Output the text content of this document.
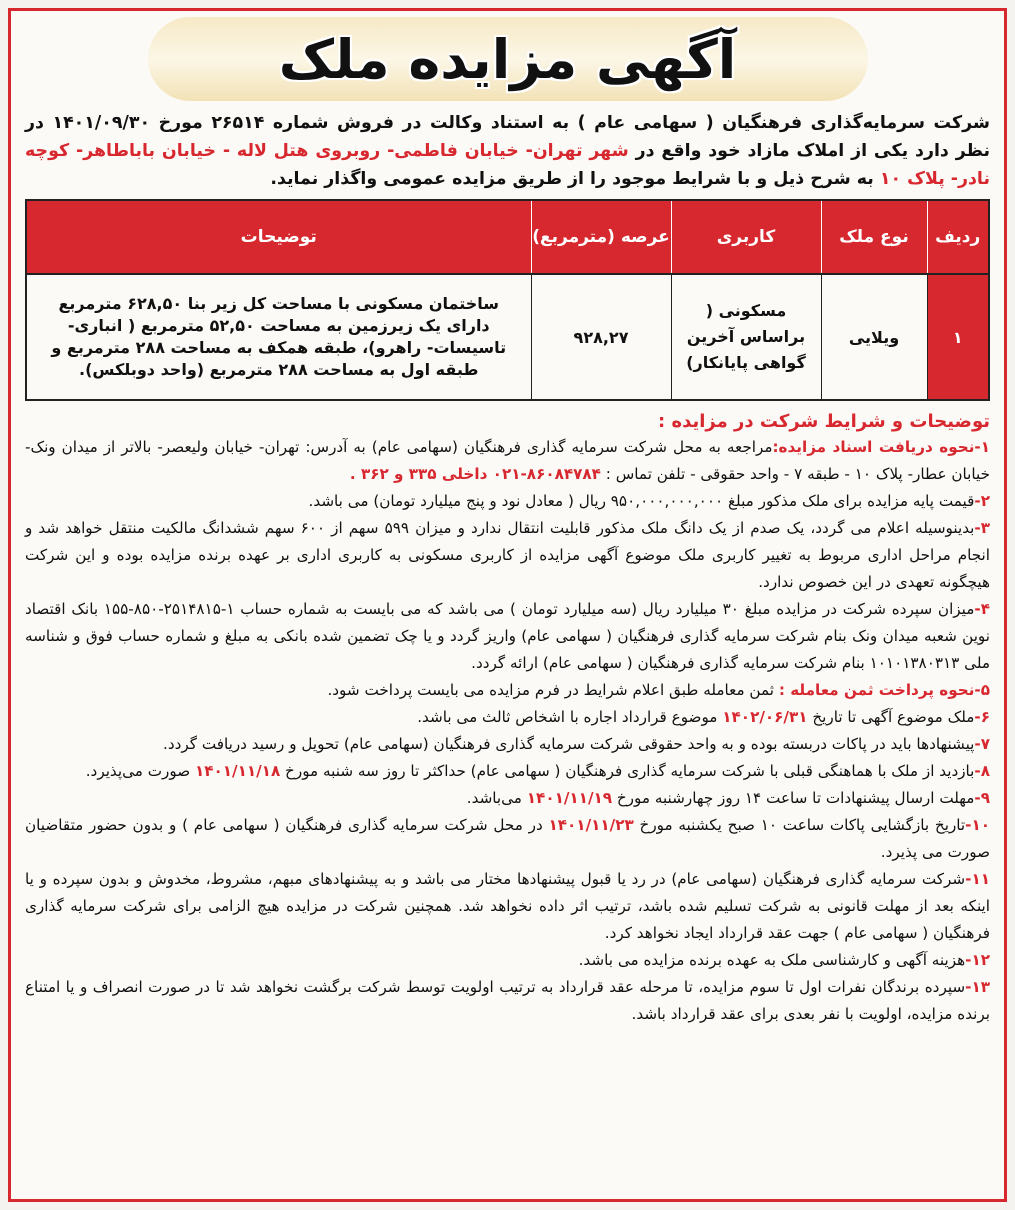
آگهی مزایده ملک

شرکت سرمایه‌گذاری فرهنگیان ( سهامی عام ) به استناد وکالت در فروش شماره ۲۶۵۱۴ مورخ ۱۴۰۱/۰۹/۳۰ در نظر دارد یکی از املاک مازاد خود واقع در شهر تهران- خیابان فاطمی- روبروی هتل لاله - خیابان باباطاهر- کوچه نادر- پلاک ۱۰ به شرح ذیل و با شرایط موجود را از طریق مزایده عمومی واگذار نماید.

ردیف	نوع ملک	کاربری	عرصه (مترمربع)	توضیحات
۱	ویلایی	مسکونی ( براساس آخرین گواهی پایانکار)	۹۲۸,۲۷	ساختمان مسکونی با مساحت کل زیر بنا ۶۲۸,۵۰ مترمربع دارای یک زیرزمین به مساحت ۵۲,۵۰ مترمربع ( انباری- تاسیسات- راهرو)، طبقه همکف به مساحت ۲۸۸ مترمربع و طبقه اول به مساحت ۲۸۸ مترمربع (واحد دوبلکس).
توضیحات و شرایط شرکت در مزایده :
۱-نحوه دریافت اسناد مزایده:مراجعه به محل شرکت سرمایه گذاری فرهنگیان (سهامی عام) به آدرس: تهران- خیابان ولیعصر- بالاتر از میدان ونک- خیابان عطار- پلاک ۱۰ - طبقه ۷ - واحد حقوقی - تلفن تماس : ۸۶۰۸۴۷۸۴-۰۲۱ داخلی ۳۳۵ و ۳۶۲ .
۲-قیمت پایه مزایده برای ملک مذکور مبلغ ۹۵۰,۰۰۰,۰۰۰,۰۰۰ ریال ( معادل نود و پنج میلیارد تومان) می باشد.
۳-بدینوسیله اعلام می گردد، یک صدم از یک دانگ ملک مذکور قابلیت انتقال ندارد و میزان ۵۹۹ سهم از ۶۰۰ سهم ششدانگ مالکیت منتقل خواهد شد و انجام مراحل اداری مربوط به تغییر کاربری ملک موضوع آگهی مزایده از کاربری مسکونی به کاربری اداری بر عهده برنده مزایده بوده و این شرکت هیچگونه تعهدی در این خصوص ندارد.
۴-میزان سپرده شرکت در مزایده مبلغ ۳۰ میلیارد ریال (سه میلیارد تومان ) می باشد که می بایست به شماره حساب ۱-۲۵۱۴۸۱۵-۸۵۰-۱۵۵ بانک اقتصاد نوین شعبه میدان ونک بنام شرکت سرمایه گذاری فرهنگیان ( سهامی عام) واریز گردد و یا چک تضمین شده بانکی به مبلغ و شماره حساب فوق و شناسه ملی ۱۰۱۰۱۳۸۰۳۱۳ بنام شرکت سرمایه گذاری فرهنگیان ( سهامی عام) ارائه گردد.
۵-نحوه پرداخت ثمن معامله : ثمن معامله طبق اعلام شرایط در فرم مزایده می بایست پرداخت شود.
۶-ملک موضوع آگهی تا تاریخ ۱۴۰۲/۰۶/۳۱ موضوع قرارداد اجاره با اشخاص ثالث می باشد.
۷-پیشنهادها باید در پاکات دربسته بوده و به واحد حقوقی شرکت سرمایه گذاری فرهنگیان (سهامی عام) تحویل و رسید دریافت گردد.
۸-بازدید از ملک با هماهنگی قبلی با شرکت سرمایه گذاری فرهنگیان ( سهامی عام) حداکثر تا روز سه شنبه مورخ ۱۴۰۱/۱۱/۱۸ صورت می‌پذیرد.
۹-مهلت ارسال پیشنهادات تا ساعت ۱۴ روز چهارشنبه مورخ ۱۴۰۱/۱۱/۱۹ می‌باشد.
۱۰-تاریخ بازگشایی پاکات ساعت ۱۰ صبح یکشنبه مورخ ۱۴۰۱/۱۱/۲۳ در محل شرکت سرمایه گذاری فرهنگیان ( سهامی عام ) و بدون حضور متقاضیان صورت می پذیرد.
۱۱-شرکت سرمایه گذاری فرهنگیان (سهامی عام) در رد یا قبول پیشنهادها مختار می باشد و به پیشنهادهای مبهم، مشروط، مخدوش و بدون سپرده و یا اینکه بعد از مهلت قانونی به شرکت تسلیم شده باشد، ترتیب اثر داده نخواهد شد. همچنین شرکت در مزایده هیچ الزامی برای شرکت سرمایه گذاری فرهنگیان ( سهامی عام ) جهت عقد قرارداد ایجاد نخواهد کرد.
۱۲-هزینه آگهی و کارشناسی ملک به عهده برنده مزایده می باشد.
۱۳-سپرده برندگان نفرات اول تا سوم مزایده، تا مرحله عقد قرارداد به ترتیب اولویت توسط شرکت برگشت نخواهد شد تا در صورت انصراف و یا امتناع برنده مزایده، اولویت با نفر بعدی برای عقد قرارداد باشد.
